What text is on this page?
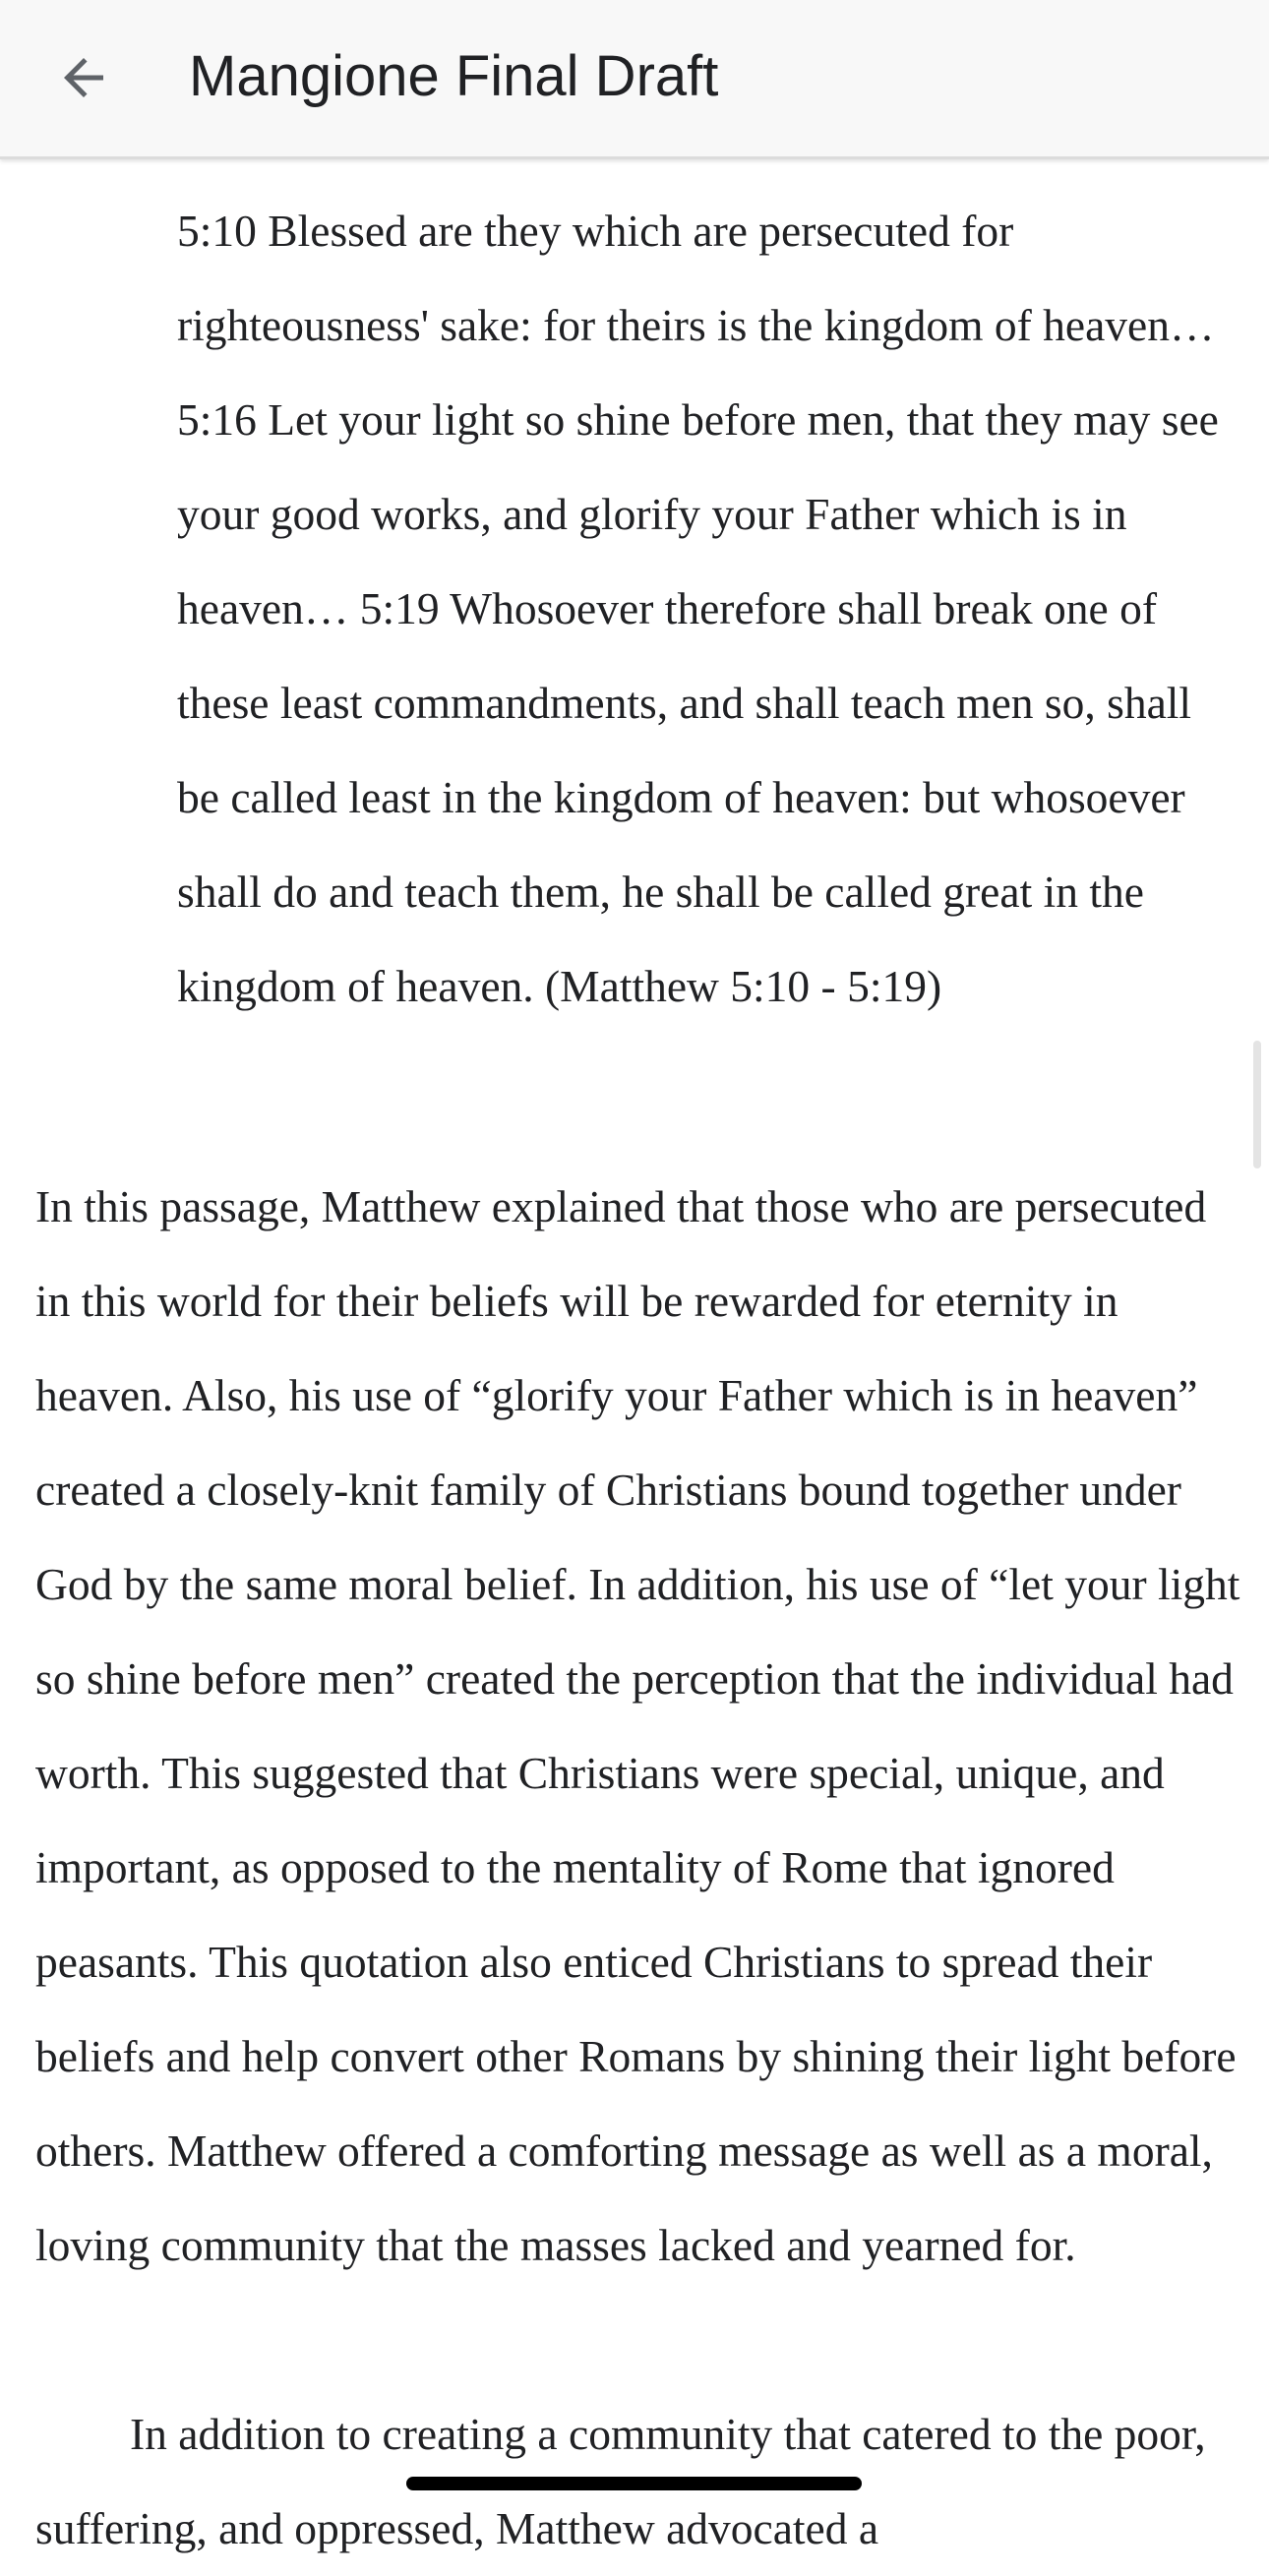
Mangione Final Draft

5:10 Blessed are they which are persecuted for righteousness' sake: for theirs is the kingdom of heaven… 5:16 Let your light so shine before men, that they may see your good works, and glorify your Father which is in heaven… 5:19 Whosoever therefore shall break one of these least commandments, and shall teach men so, shall be called least in the kingdom of heaven: but whosoever shall do and teach them, he shall be called great in the kingdom of heaven. (Matthew 5:10 - 5:19)

In this passage, Matthew explained that those who are persecuted in this world for their beliefs will be rewarded for eternity in heaven. Also, his use of “glorify your Father which is in heaven” created a closely-knit family of Christians bound together under God by the same moral belief. In addition, his use of “let your light so shine before men” created the perception that the individual had worth. This suggested that Christians were special, unique, and important, as opposed to the mentality of Rome that ignored peasants. This quotation also enticed Christians to spread their beliefs and help convert other Romans by shining their light before others. Matthew offered a comforting message as well as a moral, loving community that the masses lacked and yearned for.

In addition to creating a community that catered to the poor, suffering, and oppressed, Matthew advocated a
